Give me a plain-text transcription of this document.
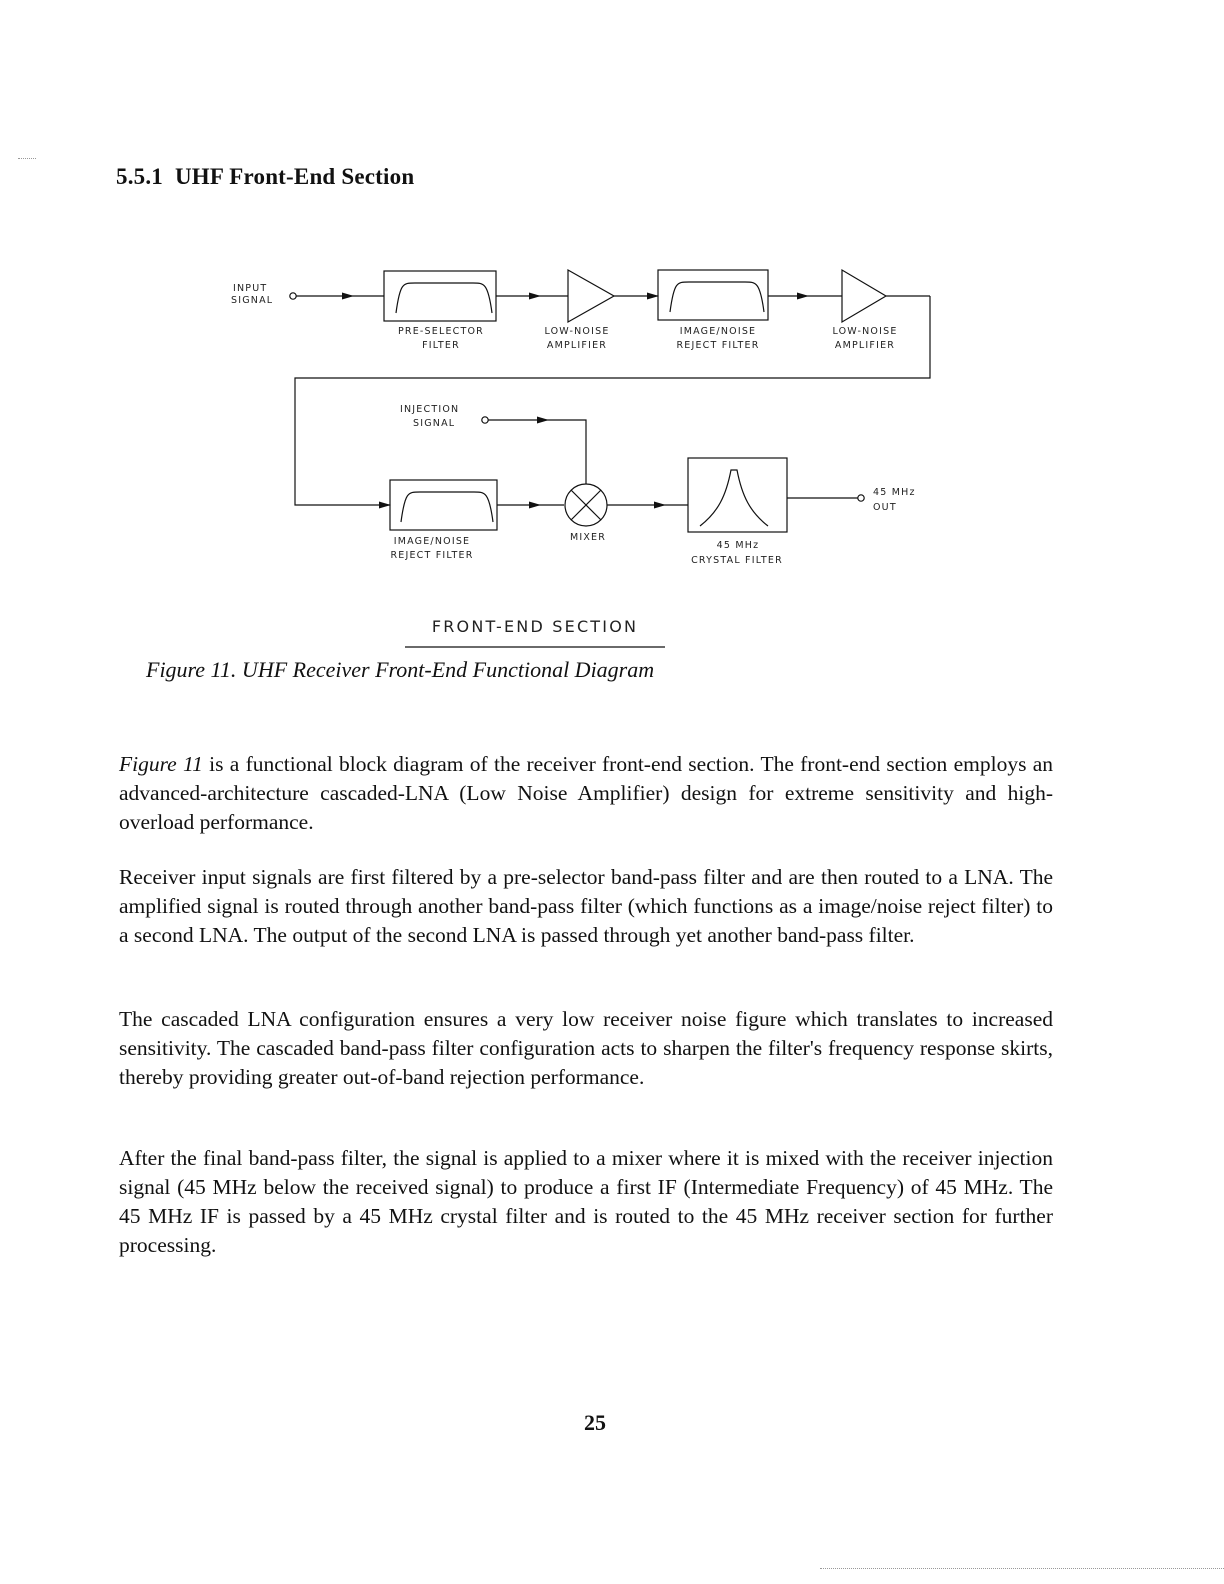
5.5.1 UHF Front-End Section
INPUT
SIGNAL
PRE-SELECTOR
FILTER
LOW-NOISE
AMPLIFIER
IMAGE/NOISE
REJECT FILTER
LOW-NOISE
AMPLIFIER
INJECTION
SIGNAL
IMAGE/NOISE
REJECT FILTER
MIXER
45 MHz
CRYSTAL FILTER
45 MHz
OUT
FRONT-END SECTION
Figure 11. UHF Receiver Front-End Functional Diagram

Figure 11 is a functional block diagram of the receiver front-end section. The front-end section employs an advanced-architecture cascaded-LNA (Low Noise Amplifier) design for extreme sensitivity and high-overload performance.

Receiver input signals are first filtered by a pre-selector band-pass filter and are then routed to a LNA. The amplified signal is routed through another band-pass filter (which functions as a image/noise reject filter) to a second LNA. The output of the second LNA is passed through yet another band-pass filter.

The cascaded LNA configuration ensures a very low receiver noise figure which translates to increased sensitivity. The cascaded band-pass filter configuration acts to sharpen the filter's frequency response skirts, thereby providing greater out-of-band rejection performance.

After the final band-pass filter, the signal is applied to a mixer where it is mixed with the receiver injection signal (45 MHz below the received signal) to produce a first IF (Intermediate Frequency) of 45 MHz. The 45 MHz IF is passed by a 45 MHz crystal filter and is routed to the 45 MHz receiver section for further processing.

25
